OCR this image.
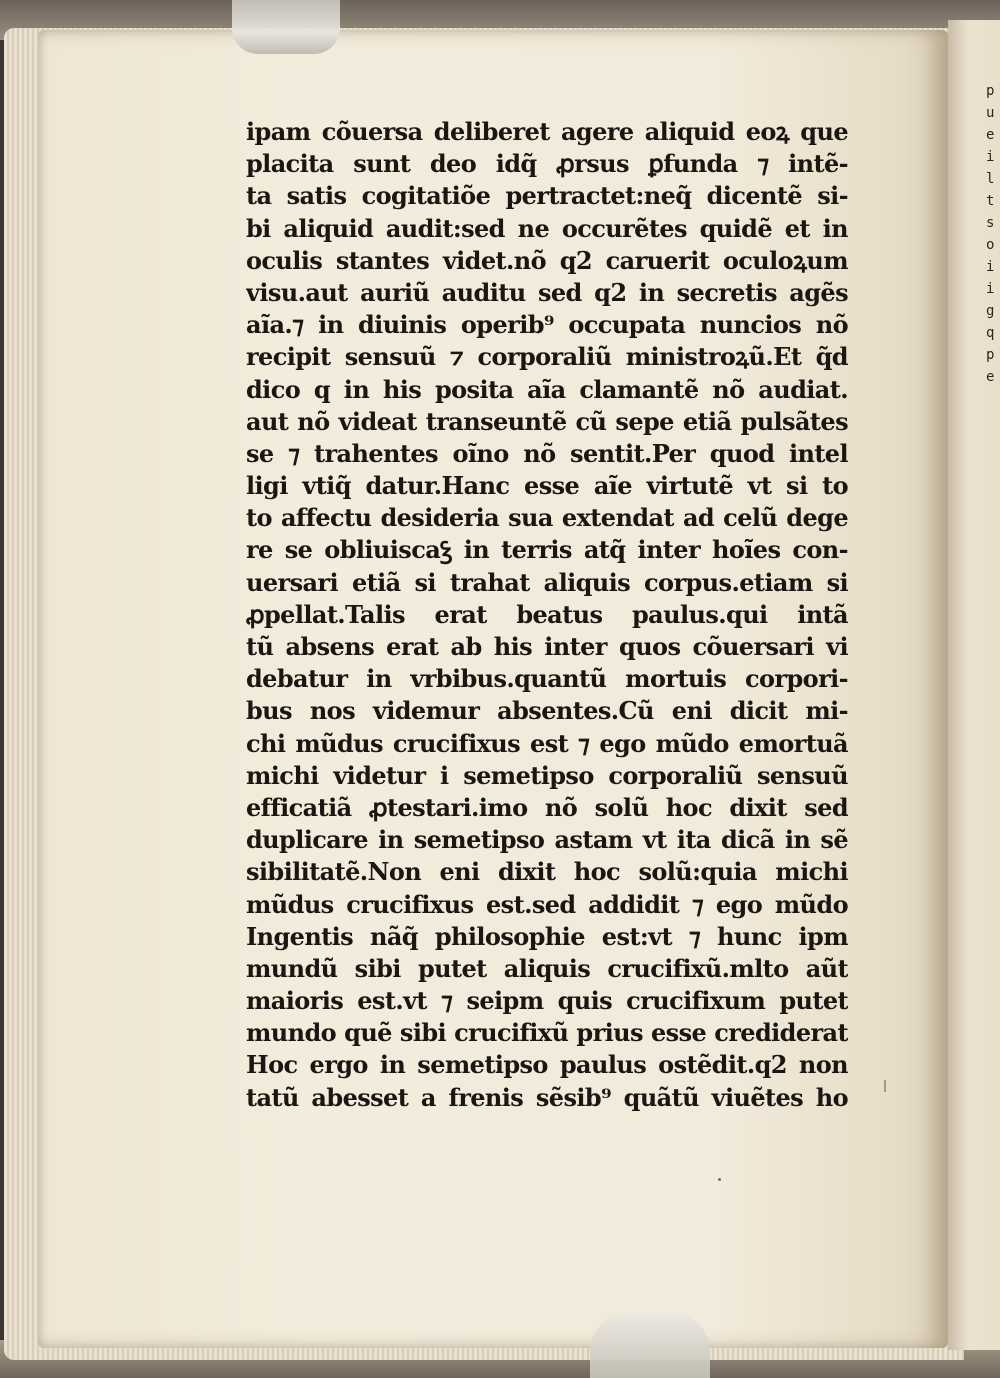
pueiltsoiigqpe
ipam cõuersa deliberet agere aliquid eoꝝ que
placita sunt deo idq̃ ꝓrsus ꝑfunda ⁊ intẽ-
ta satis cogitatiõe pertractet:neq̃ dicentẽ si-
bi aliquid audit:sed ne occurẽtes quidẽ et in
oculis stantes videt.nõ q2 caruerit oculoꝝum
visu.aut auriũ auditu sed q2 in secretis agẽs
aĩa.⁊ in diuinis operib⁹ occupata nuncios nõ
recipit sensuũ ⁊ corporaliũ ministroꝝũ.Et q̃d
dico q in his posita aĩa clamantẽ nõ audiat.
aut nõ videat transeuntẽ cũ sepe etiã pulsãtes
se ⁊ trahentes oĩno nõ sentit.Per quod intel
ligi vtiq̃ datur.Hanc esse aĩe virtutẽ vt si to
to affectu desideria sua extendat ad celũ dege
re se obliuiscaꝣ in terris atq̃ inter hoĩes con-
uersari etiã si trahat aliquis corpus.etiam si
ꝓpellat.Talis erat beatus paulus.qui intã
tũ absens erat ab his inter quos cõuersari vi
debatur in vrbibus.quantũ mortuis corpori-
bus nos videmur absentes.Cũ eni dicit mi-
chi mũdus crucifixus est ⁊ ego mũdo emortuã
michi videtur i semetipso corporaliũ sensuũ
efficatiã ꝓtestari.imo nõ solũ hoc dixit sed
duplicare in semetipso astam vt ita dicã in sẽ
sibilitatẽ.Non eni dixit hoc solũ:quia michi
mũdus crucifixus est.sed addidit ⁊ ego mũdo
Ingentis nãq̃ philosophie est:vt ⁊ hunc ipm
mundũ sibi putet aliquis crucifixũ.mlto aũt
maioris est.vt ⁊ seipm quis crucifixum putet
mundo quẽ sibi crucifixũ prius esse crediderat
Hoc ergo in semetipso paulus ostẽdit.q2 non
tatũ abesset a frenis sẽsib⁹ quãtũ viuẽtes ho
